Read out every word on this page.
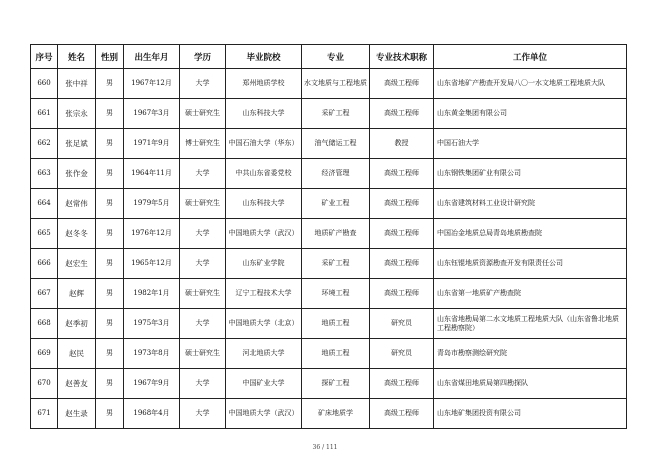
序号	姓名	性别	出生年月	学历	毕业院校	专业	专业技术职称	工作单位
660	张中祥	男	1967年12月	大学	郑州地质学校	水文地质与工程地质	高级工程师	山东省地矿产勘查开发局八〇一水文地质工程地质大队
661	张宗永	男	1967年3月	硕士研究生	山东科技大学	采矿工程	高级工程师	山东黄金集团有限公司
662	张足斌	男	1971年9月	博士研究生	中国石油大学（华东）	油气储运工程	教授	中国石油大学
663	张作金	男	1964年11月	大学	中共山东省委党校	经济管理	高级工程师	山东钢铁集团矿业有限公司
664	赵常伟	男	1979年5月	硕士研究生	山东科技大学	矿业工程	高级工程师	山东省建筑材料工业设计研究院
665	赵冬冬	男	1976年12月	大学	中国地质大学（武汉）	地质矿产勘查	高级工程师	中国冶金地质总局青岛地质勘查院
666	赵宏生	男	1965年12月	大学	山东矿业学院	采矿工程	高级工程师	山东钰锟地质资源勘查开发有限责任公司
667	赵辉	男	1982年1月	硕士研究生	辽宁工程技术大学	环境工程	高级工程师	山东省第一地质矿产勘查院
668	赵季初	男	1975年3月	大学	中国地质大学（北京）	地质工程	研究员	山东省地勘局第二水文地质工程地质大队（山东省鲁北地质工程勘察院）
669	赵民	男	1973年8月	硕士研究生	河北地质大学	地质工程	研究员	青岛市勘察测绘研究院
670	赵善友	男	1967年9月	大学	中国矿业大学	探矿工程	高级工程师	山东省煤田地质局第四勘探队
671	赵生录	男	1968年4月	大学	中国地质大学（武汉）	矿床地质学	高级工程师	山东地矿集团投资有限公司
36 / 111
